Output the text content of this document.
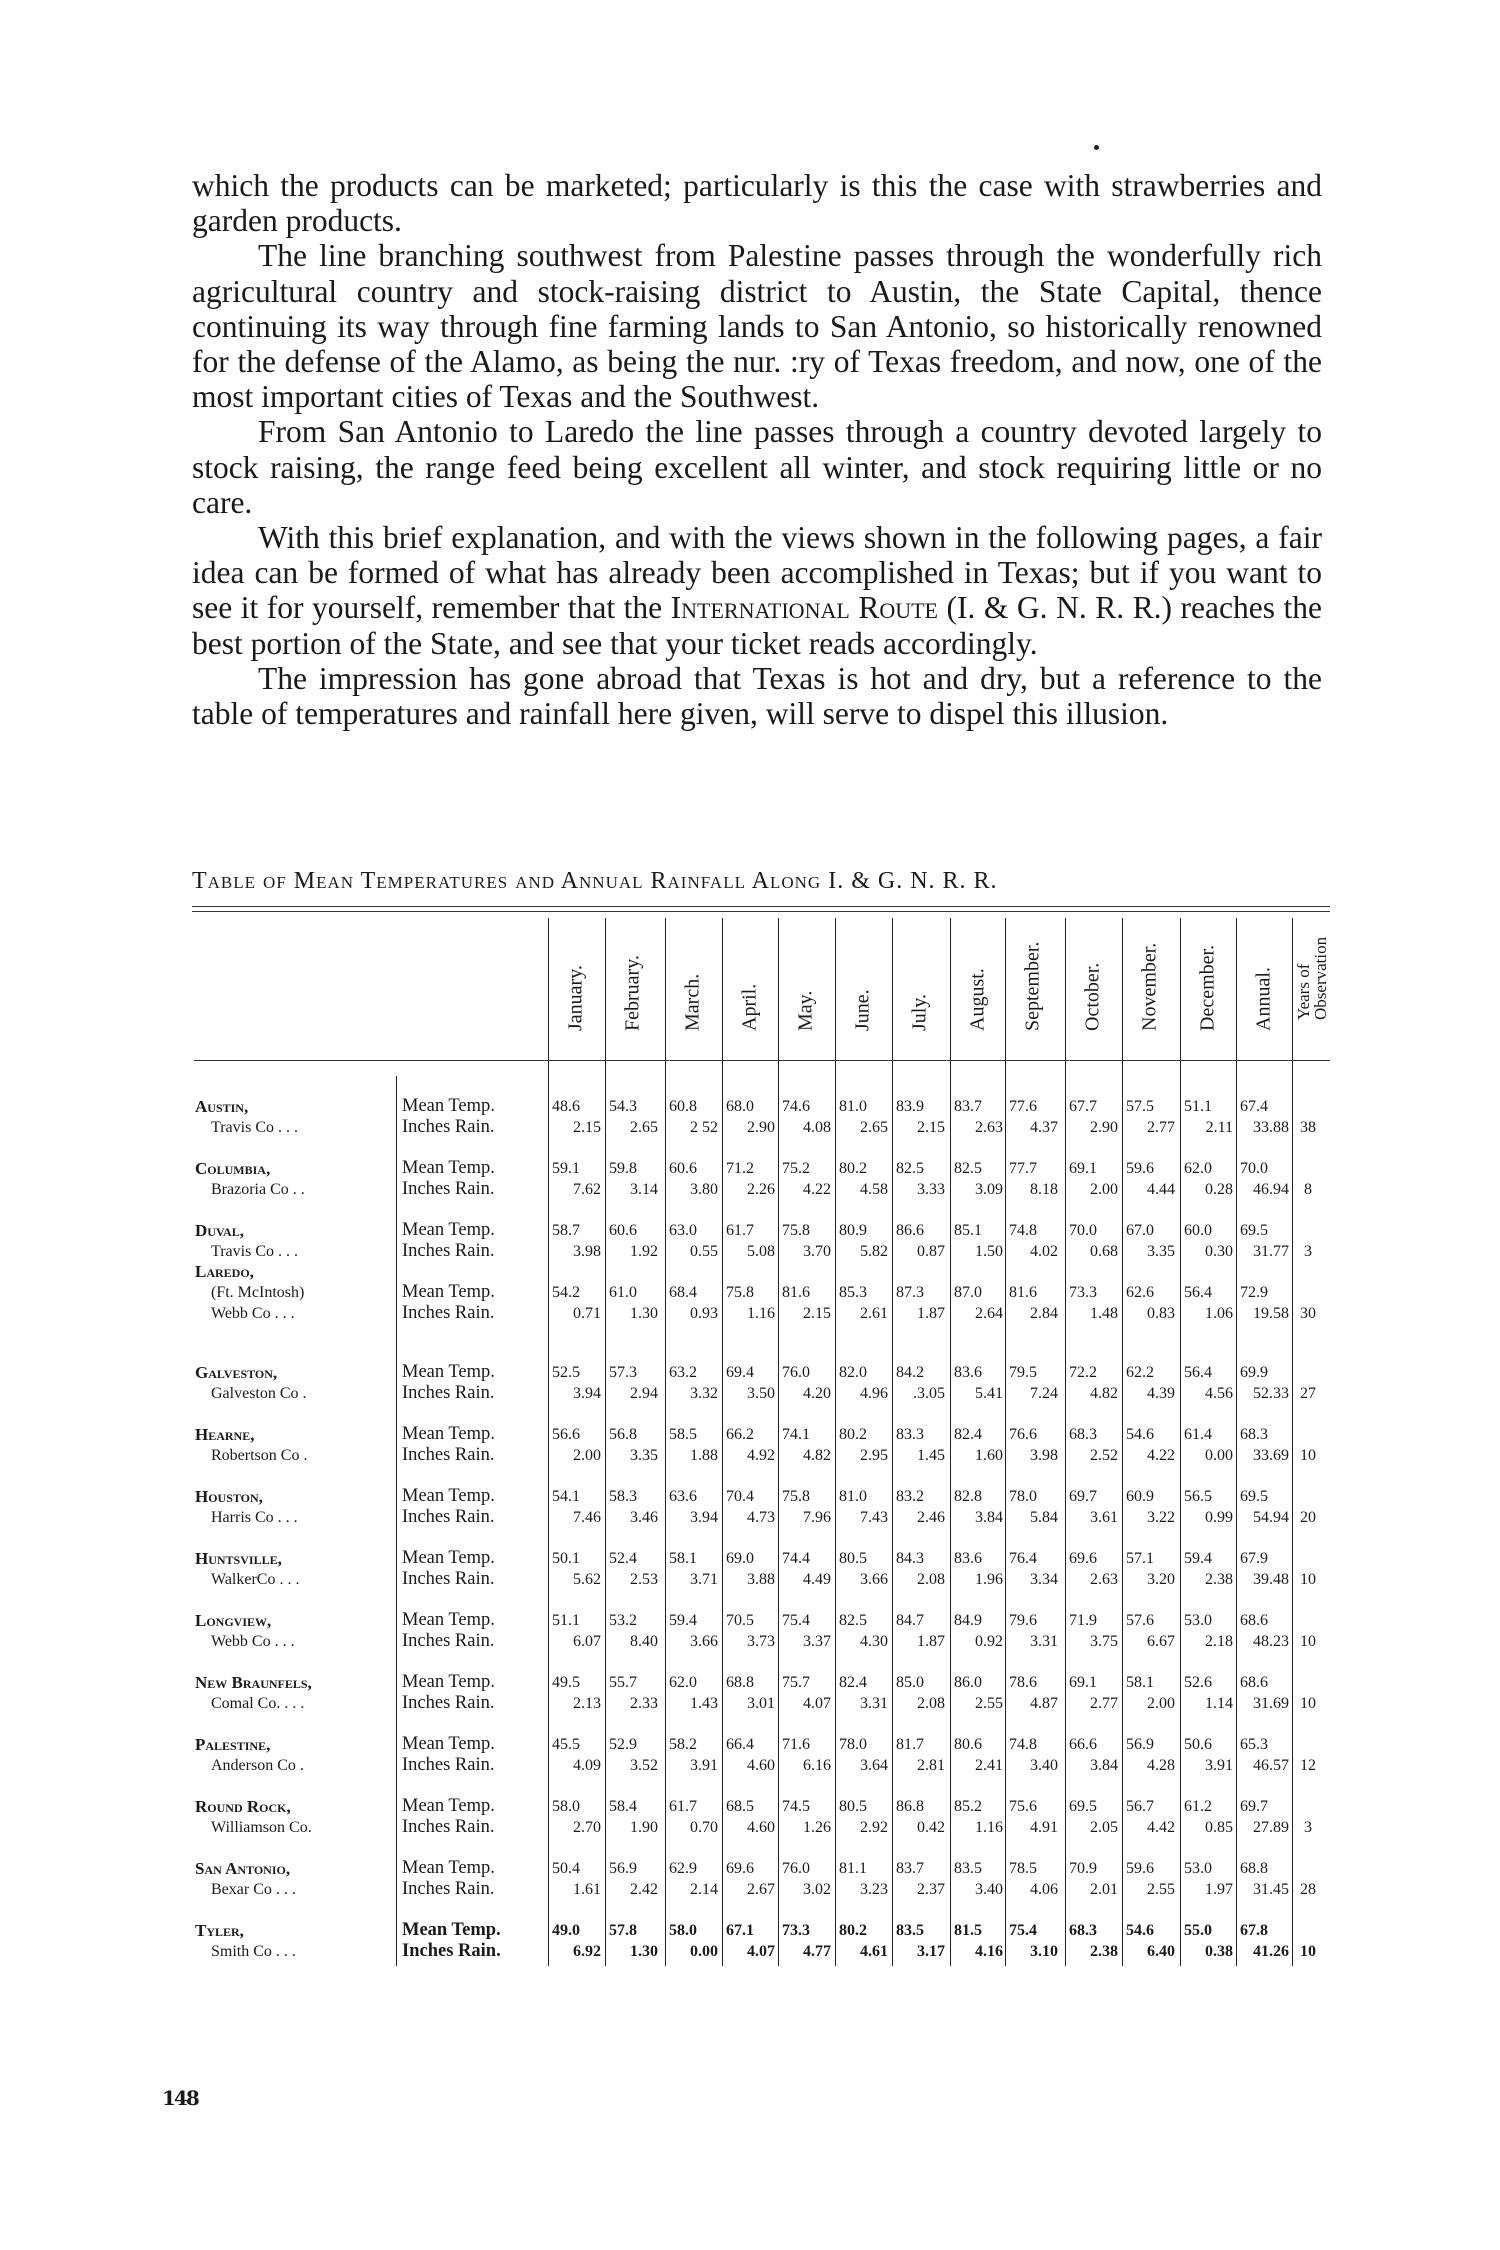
which the products can be marketed; particularly is this the case with strawberries and garden products.

The line branching southwest from Palestine passes through the wonderfully rich agricultural country and stock-raising district to Austin, the State Capital, thence continuing its way through fine farming lands to San Antonio, so historically renowned for the defense of the Alamo, as being the nur. :ry of Texas freedom, and now, one of the most important cities of Texas and the Southwest.

From San Antonio to Laredo the line passes through a country devoted largely to stock raising, the range feed being excellent all winter, and stock requiring little or no care.

With this brief explanation, and with the views shown in the following pages, a fair idea can be formed of what has already been accomplished in Texas; but if you want to see it for yourself, remember that the International Route (I. & G. N. R. R.) reaches the best portion of the State, and see that your ticket reads accordingly.

The impression has gone abroad that Texas is hot and dry, but a reference to the table of temperatures and rainfall here given, will serve to dispel this illusion.

Table of Mean Temperatures and Annual Rainfall Along I. & G. N. R. R.
January. February. March. April. May. June. July. August. September. October. November. December. Annual. Years of
Observation
Austin,
Travis Co . . .
Mean Temp.
Inches Rain.
48.6
2.15
54.3
2.65
60.8
2 52
68.0
2.90
74.6
4.08
81.0
2.65
83.9
2.15
83.7
2.63
77.6
4.37
67.7
2.90
57.5
2.77
51.1
2.11
67.4
33.88 38
Columbia,
Brazoria Co . .
Mean Temp.
Inches Rain.
59.1
7.62
59.8
3.14
60.6
3.80
71.2
2.26
75.2
4.22
80.2
4.58
82.5
3.33
82.5
3.09
77.7
8.18
69.1
2.00
59.6
4.44
62.0
0.28
70.0
46.94 8
Duval,
Travis Co . . .
Mean Temp.
Inches Rain.
58.7
3.98
60.6
1.92
63.0
0.55
61.7
5.08
75.8
3.70
80.9
5.82
86.6
0.87
85.1
1.50
74.8
4.02
70.0
0.68
67.0
3.35
60.0
0.30
69.5
31.77 3
Laredo,
(Ft. McIntosh)
Webb Co . . .
Mean Temp.
Inches Rain.
54.2
0.71
61.0
1.30
68.4
0.93
75.8
1.16
81.6
2.15
85.3
2.61
87.3
1.87
87.0
2.64
81.6
2.84
73.3
1.48
62.6
0.83
56.4
1.06
72.9
19.58 30
Galveston,
Galveston Co .
Mean Temp.
Inches Rain.
52.5
3.94
57.3
2.94
63.2
3.32
69.4
3.50
76.0
4.20
82.0
4.96
84.2
.3.05
83.6
5.41
79.5
7.24
72.2
4.82
62.2
4.39
56.4
4.56
69.9
52.33 27
Hearne,
Robertson Co .
Mean Temp.
Inches Rain.
56.6
2.00
56.8
3.35
58.5
1.88
66.2
4.92
74.1
4.82
80.2
2.95
83.3
1.45
82.4
1.60
76.6
3.98
68.3
2.52
54.6
4.22
61.4
0.00
68.3
33.69 10
Houston,
Harris Co . . .
Mean Temp.
Inches Rain.
54.1
7.46
58.3
3.46
63.6
3.94
70.4
4.73
75.8
7.96
81.0
7.43
83.2
2.46
82.8
3.84
78.0
5.84
69.7
3.61
60.9
3.22
56.5
0.99
69.5
54.94 20
Huntsville,
WalkerCo . . .
Mean Temp.
Inches Rain.
50.1
5.62
52.4
2.53
58.1
3.71
69.0
3.88
74.4
4.49
80.5
3.66
84.3
2.08
83.6
1.96
76.4
3.34
69.6
2.63
57.1
3.20
59.4
2.38
67.9
39.48 10
Longview,
Webb Co . . .
Mean Temp.
Inches Rain.
51.1
6.07
53.2
8.40
59.4
3.66
70.5
3.73
75.4
3.37
82.5
4.30
84.7
1.87
84.9
0.92
79.6
3.31
71.9
3.75
57.6
6.67
53.0
2.18
68.6
48.23 10
New Braunfels,
Comal Co. . . .
Mean Temp.
Inches Rain.
49.5
2.13
55.7
2.33
62.0
1.43
68.8
3.01
75.7
4.07
82.4
3.31
85.0
2.08
86.0
2.55
78.6
4.87
69.1
2.77
58.1
2.00
52.6
1.14
68.6
31.69 10
Palestine,
Anderson Co .
Mean Temp.
Inches Rain.
45.5
4.09
52.9
3.52
58.2
3.91
66.4
4.60
71.6
6.16
78.0
3.64
81.7
2.81
80.6
2.41
74.8
3.40
66.6
3.84
56.9
4.28
50.6
3.91
65.3
46.57 12
Round Rock,
Williamson Co.
Mean Temp.
Inches Rain.
58.0
2.70
58.4
1.90
61.7
0.70
68.5
4.60
74.5
1.26
80.5
2.92
86.8
0.42
85.2
1.16
75.6
4.91
69.5
2.05
56.7
4.42
61.2
0.85
69.7
27.89 3
San Antonio,
Bexar Co . . .
Mean Temp.
Inches Rain.
50.4
1.61
56.9
2.42
62.9
2.14
69.6
2.67
76.0
3.02
81.1
3.23
83.7
2.37
83.5
3.40
78.5
4.06
70.9
2.01
59.6
2.55
53.0
1.97
68.8
31.45 28
Tyler,
Smith Co . . .
Mean Temp.
Inches Rain.
49.0
6.92
57.8
1.30
58.0
0.00
67.1
4.07
73.3
4.77
80.2
4.61
83.5
3.17
81.5
4.16
75.4
3.10
68.3
2.38
54.6
6.40
55.0
0.38
67.8
41.26 10
148
